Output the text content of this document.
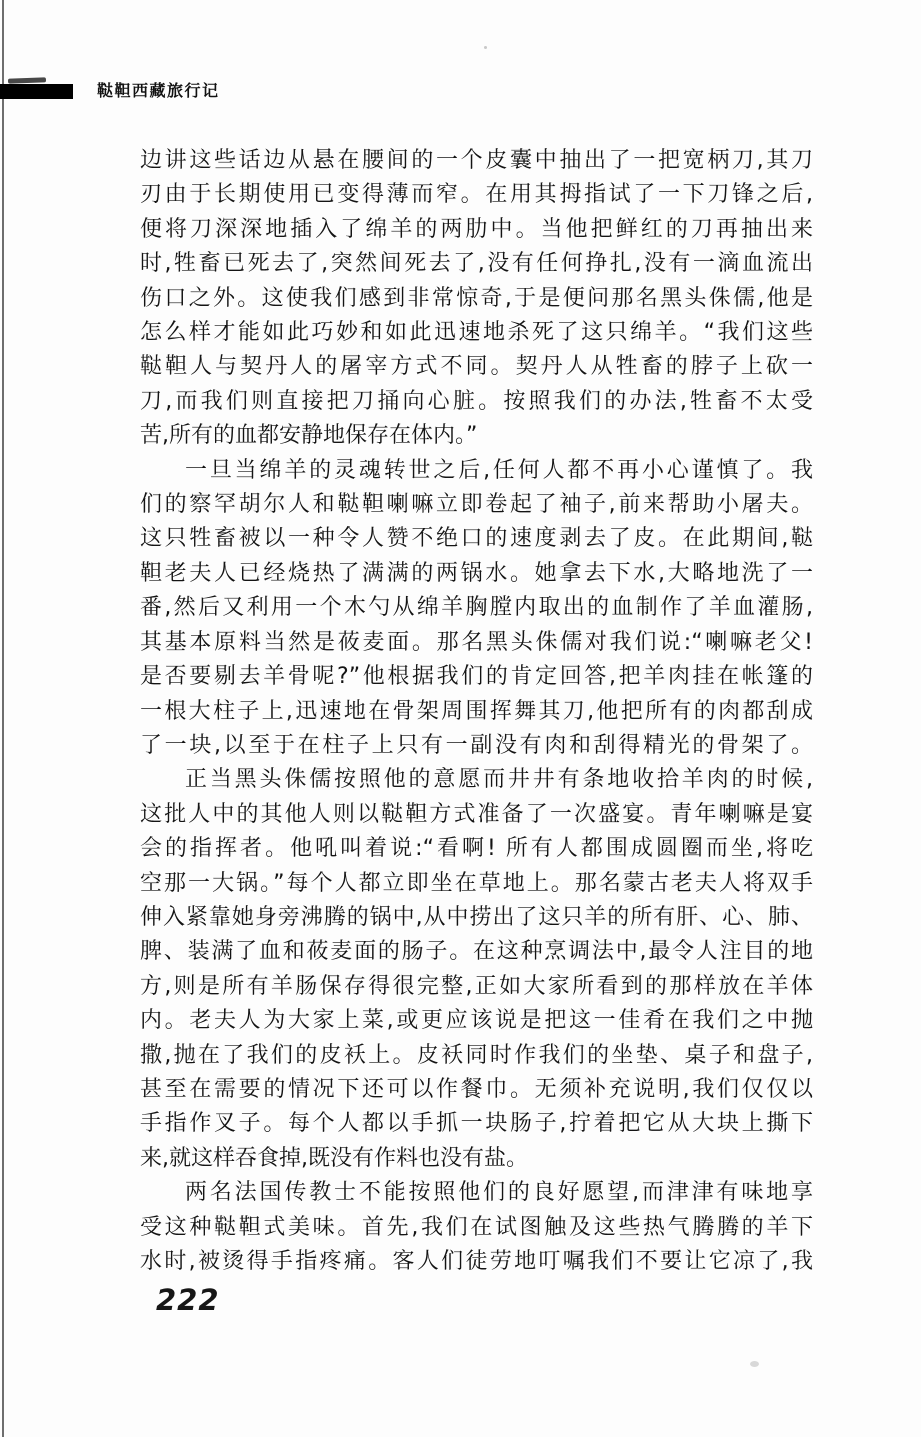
鞑靼西藏旅行记
边讲这些话边从悬在腰间的一个皮囊中抽出了一把宽柄刀,其刀
刃由于长期使用已变得薄而窄。在用其拇指试了一下刀锋之后,
便将刀深深地插入了绵羊的两肋中。当他把鲜红的刀再抽出来
时,牲畜已死去了,突然间死去了,没有任何挣扎,没有一滴血流出
伤口之外。这使我们感到非常惊奇,于是便问那名黑头侏儒,他是
怎么样才能如此巧妙和如此迅速地杀死了这只绵羊。“我们这些
鞑靼人与契丹人的屠宰方式不同。契丹人从牲畜的脖子上砍一
刀,而我们则直接把刀捅向心脏。按照我们的办法,牲畜不太受
苦,所有的血都安静地保存在体内。”
一旦当绵羊的灵魂转世之后,任何人都不再小心谨慎了。我
们的察罕胡尔人和鞑靼喇嘛立即卷起了袖子,前来帮助小屠夫。
这只牲畜被以一种令人赞不绝口的速度剥去了皮。在此期间,鞑
靼老夫人已经烧热了满满的两锅水。她拿去下水,大略地洗了一
番,然后又利用一个木勺从绵羊胸膛内取出的血制作了羊血灌肠,
其基本原料当然是莜麦面。那名黑头侏儒对我们说:“喇嘛老父!
是否要剔去羊骨呢?”他根据我们的肯定回答,把羊肉挂在帐篷的
一根大柱子上,迅速地在骨架周围挥舞其刀,他把所有的肉都刮成
了一块,以至于在柱子上只有一副没有肉和刮得精光的骨架了。
正当黑头侏儒按照他的意愿而井井有条地收拾羊肉的时候,
这批人中的其他人则以鞑靼方式准备了一次盛宴。青年喇嘛是宴
会的指挥者。他吼叫着说:“看啊! 所有人都围成圆圈而坐,将吃
空那一大锅。”每个人都立即坐在草地上。那名蒙古老夫人将双手
伸入紧靠她身旁沸腾的锅中,从中捞出了这只羊的所有肝、心、肺、
脾、装满了血和莜麦面的肠子。在这种烹调法中,最令人注目的地
方,则是所有羊肠保存得很完整,正如大家所看到的那样放在羊体
内。老夫人为大家上菜,或更应该说是把这一佳肴在我们之中抛
撒,抛在了我们的皮袄上。皮袄同时作我们的坐垫、桌子和盘子,
甚至在需要的情况下还可以作餐巾。无须补充说明,我们仅仅以
手指作叉子。每个人都以手抓一块肠子,拧着把它从大块上撕下
来,就这样吞食掉,既没有作料也没有盐。
两名法国传教士不能按照他们的良好愿望,而津津有味地享
受这种鞑靼式美味。首先,我们在试图触及这些热气腾腾的羊下
水时,被烫得手指疼痛。客人们徒劳地叮嘱我们不要让它凉了,我
222
